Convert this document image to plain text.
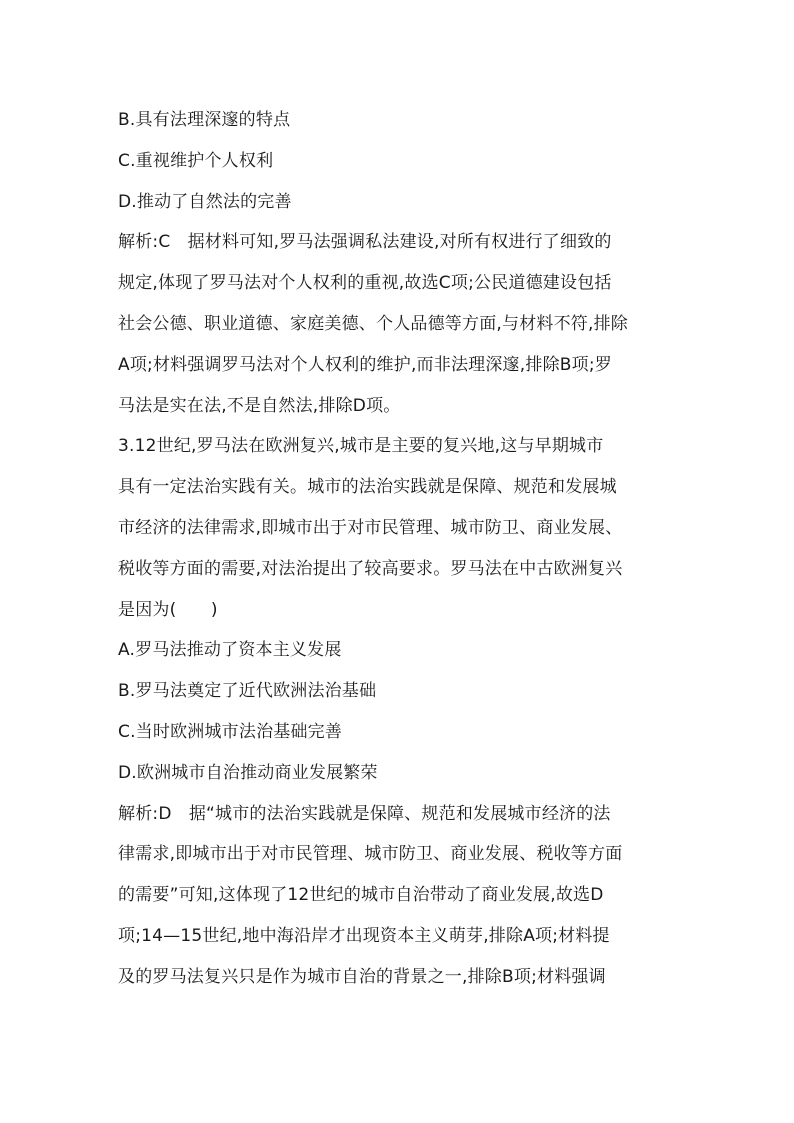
B.具有法理深邃的特点
C.重视维护个人权利
D.推动了自然法的完善
解析:C　据材料可知,罗马法强调私法建设,对所有权进行了细致的
规定,体现了罗马法对个人权利的重视,故选C项;公民道德建设包括
社会公德、职业道德、家庭美德、个人品德等方面,与材料不符,排除
A项;材料强调罗马法对个人权利的维护,而非法理深邃,排除B项;罗
马法是实在法,不是自然法,排除D项。
3.12世纪,罗马法在欧洲复兴,城市是主要的复兴地,这与早期城市
具有一定法治实践有关。城市的法治实践就是保障、规范和发展城
市经济的法律需求,即城市出于对市民管理、城市防卫、商业发展、
税收等方面的需要,对法治提出了较高要求。罗马法在中古欧洲复兴
是因为(　　)
A.罗马法推动了资本主义发展
B.罗马法奠定了近代欧洲法治基础
C.当时欧洲城市法治基础完善
D.欧洲城市自治推动商业发展繁荣
解析:D　据“城市的法治实践就是保障、规范和发展城市经济的法
律需求,即城市出于对市民管理、城市防卫、商业发展、税收等方面
的需要”可知,这体现了12世纪的城市自治带动了商业发展,故选D
项;14—15世纪,地中海沿岸才出现资本主义萌芽,排除A项;材料提
及的罗马法复兴只是作为城市自治的背景之一,排除B项;材料强调
